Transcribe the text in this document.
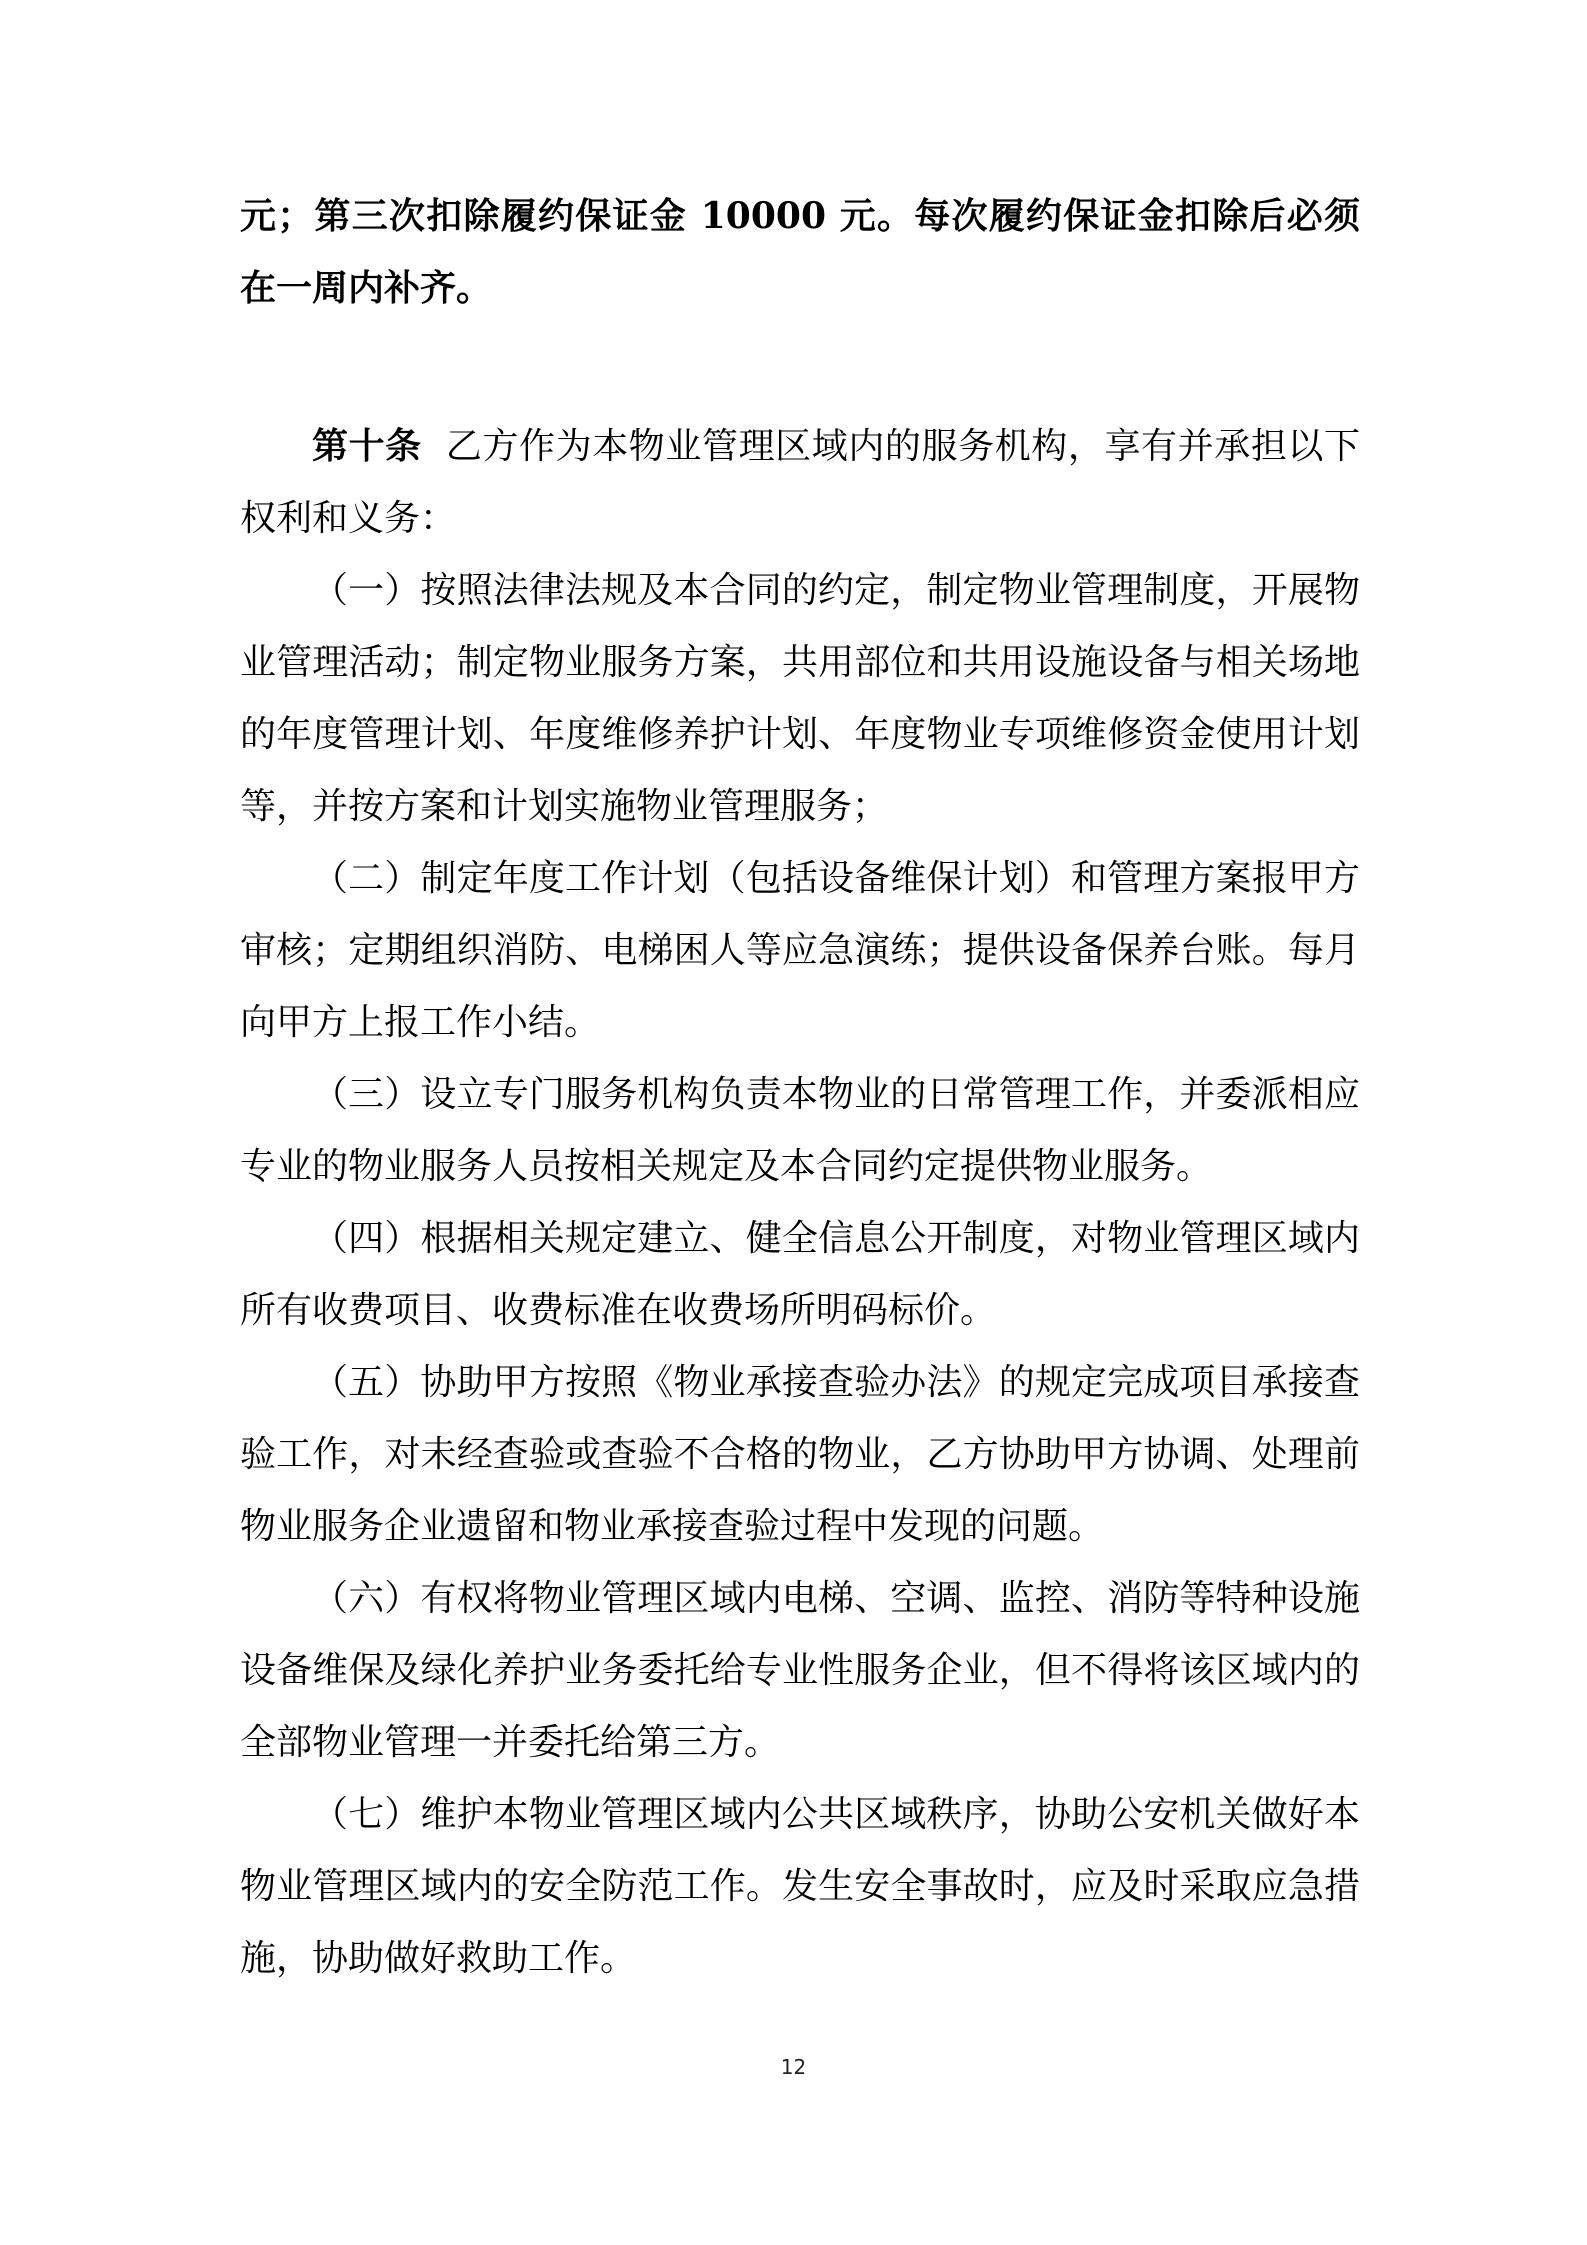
元；第三次扣除履约保证金 10000 元。每次履约保证金扣除后必须在一周内补齐。

第十条 乙方作为本物业管理区域内的服务机构，享有并承担以下权利和义务：

（一）按照法律法规及本合同的约定，制定物业管理制度，开展物业管理活动；制定物业服务方案，共用部位和共用设施设备与相关场地的年度管理计划、年度维修养护计划、年度物业专项维修资金使用计划等，并按方案和计划实施物业管理服务；

（二）制定年度工作计划（包括设备维保计划）和管理方案报甲方审核；定期组织消防、电梯困人等应急演练；提供设备保养台账。每月向甲方上报工作小结。

（三）设立专门服务机构负责本物业的日常管理工作，并委派相应专业的物业服务人员按相关规定及本合同约定提供物业服务。

（四）根据相关规定建立、健全信息公开制度，对物业管理区域内所有收费项目、收费标准在收费场所明码标价。

（五）协助甲方按照《物业承接查验办法》的规定完成项目承接查验工作，对未经查验或查验不合格的物业，乙方协助甲方协调、处理前物业服务企业遗留和物业承接查验过程中发现的问题。

（六）有权将物业管理区域内电梯、空调、监控、消防等特种设施设备维保及绿化养护业务委托给专业性服务企业，但不得将该区域内的全部物业管理一并委托给第三方。

（七）维护本物业管理区域内公共区域秩序，协助公安机关做好本物业管理区域内的安全防范工作。发生安全事故时，应及时采取应急措施，协助做好救助工作。

12
